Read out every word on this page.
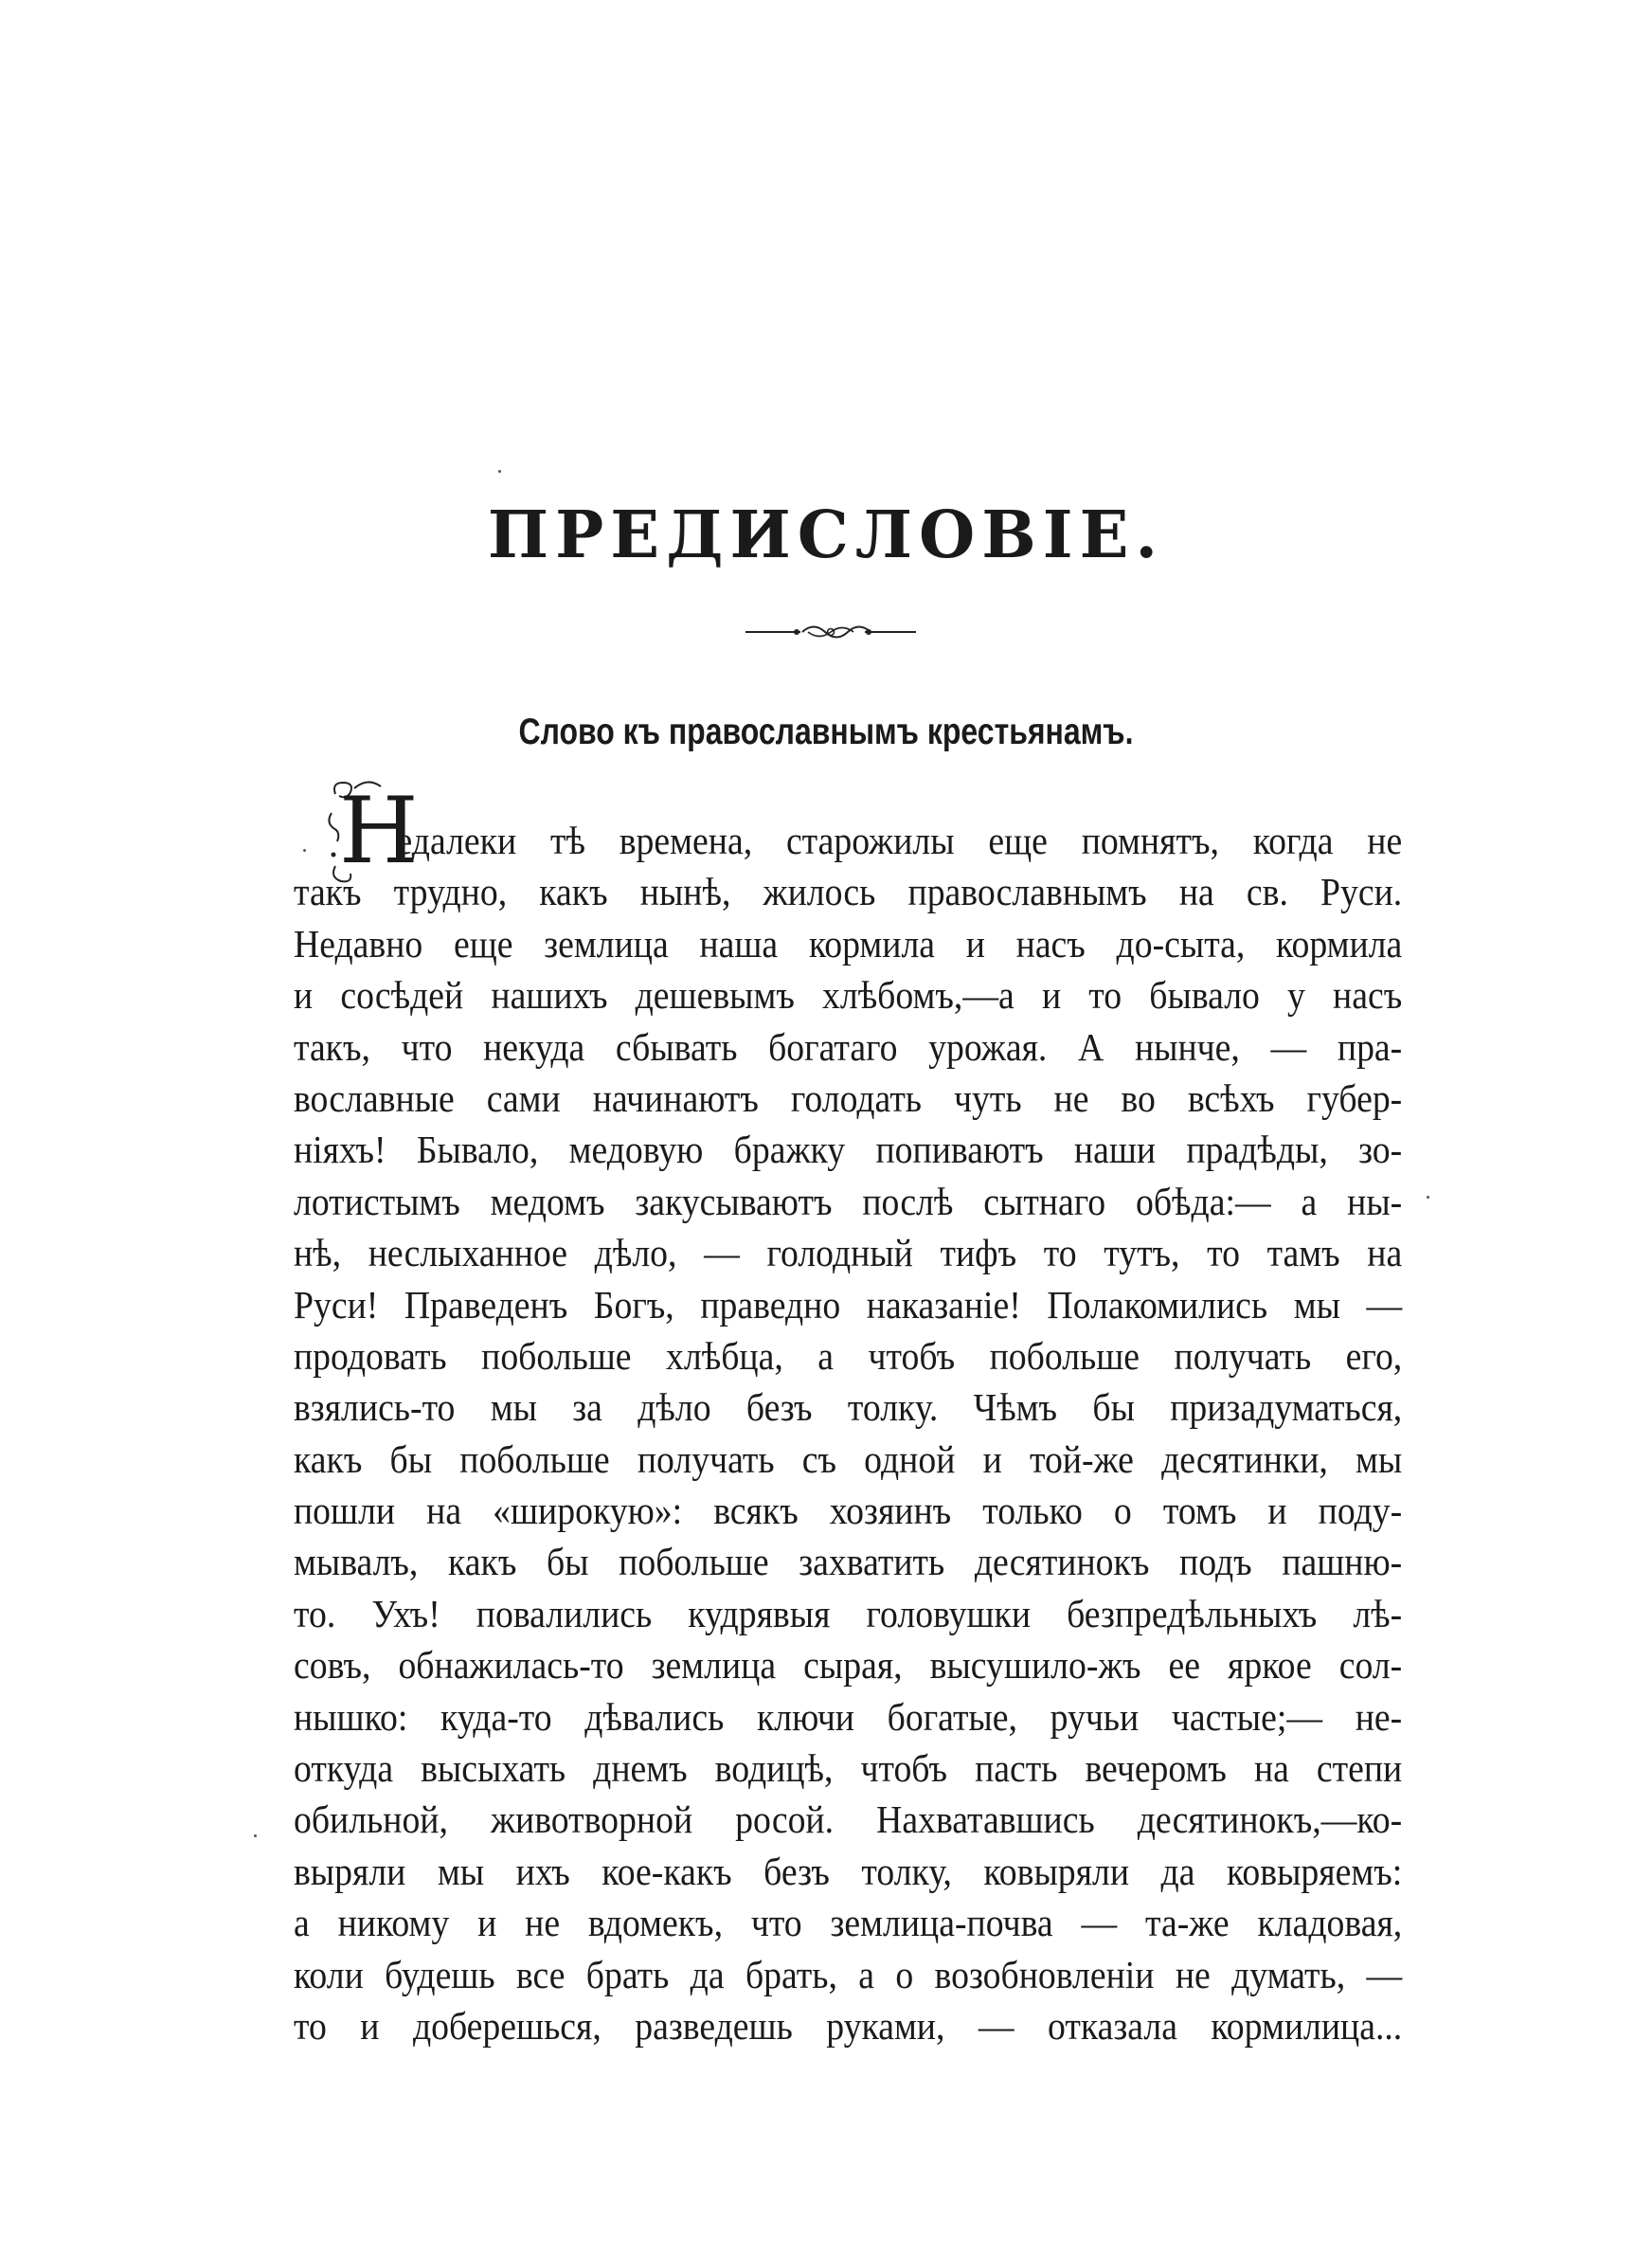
ПРЕДИСЛОВІЕ.
Слово къ православнымъ крестьянамъ.
Н
едалеки тѣ времена, старожилы еще помнятъ, когда не
такъ трудно, какъ нынѣ, жилось православнымъ на св. Руси.
Недавно еще землица наша кормила и насъ до-сыта, кормила
и сосѣдей нашихъ дешевымъ хлѣбомъ,—а и то бывало у насъ
такъ, что некуда сбывать богатаго урожая. А нынче, — пра-
вославные сами начинаютъ голодать чуть не во всѣхъ губер-
ніяхъ! Бывало, медовую бражку попиваютъ наши прадѣды, зо-
лотистымъ медомъ закусываютъ послѣ сытнаго обѣда:— а ны-
нѣ, неслыханное дѣло, — голодный тифъ то тутъ, то тамъ на
Руси! Праведенъ Богъ, праведно наказаніе! Полакомились мы —
продовать побольше хлѣбца, а чтобъ побольше получать его,
взялись-то мы за дѣло безъ толку. Чѣмъ бы призадуматься,
какъ бы побольше получать съ одной и той-же десятинки, мы
пошли на «широкую»: всякъ хозяинъ только о томъ и поду-
мывалъ, какъ бы побольше захватить десятинокъ подъ пашню-
то. Ухъ! повалились кудрявыя головушки безпредѣльныхъ лѣ-
совъ, обнажилась-то землица сырая, высушило-жъ ее яркое сол-
нышко: куда-то дѣвались ключи богатые, ручьи частые;— не-
откуда высыхать днемъ водицѣ, чтобъ пасть вечеромъ на степи
обильной, животворной росой. Нахватавшись десятинокъ,—ко-
выряли мы ихъ кое-какъ безъ толку, ковыряли да ковыряемъ:
а никому и не вдомекъ, что землица-почва — та-же кладовая,
коли будешь все брать да брать, а о возобновленіи не думать, —
то и доберешься, разведешь руками, — отказала кормилица...
